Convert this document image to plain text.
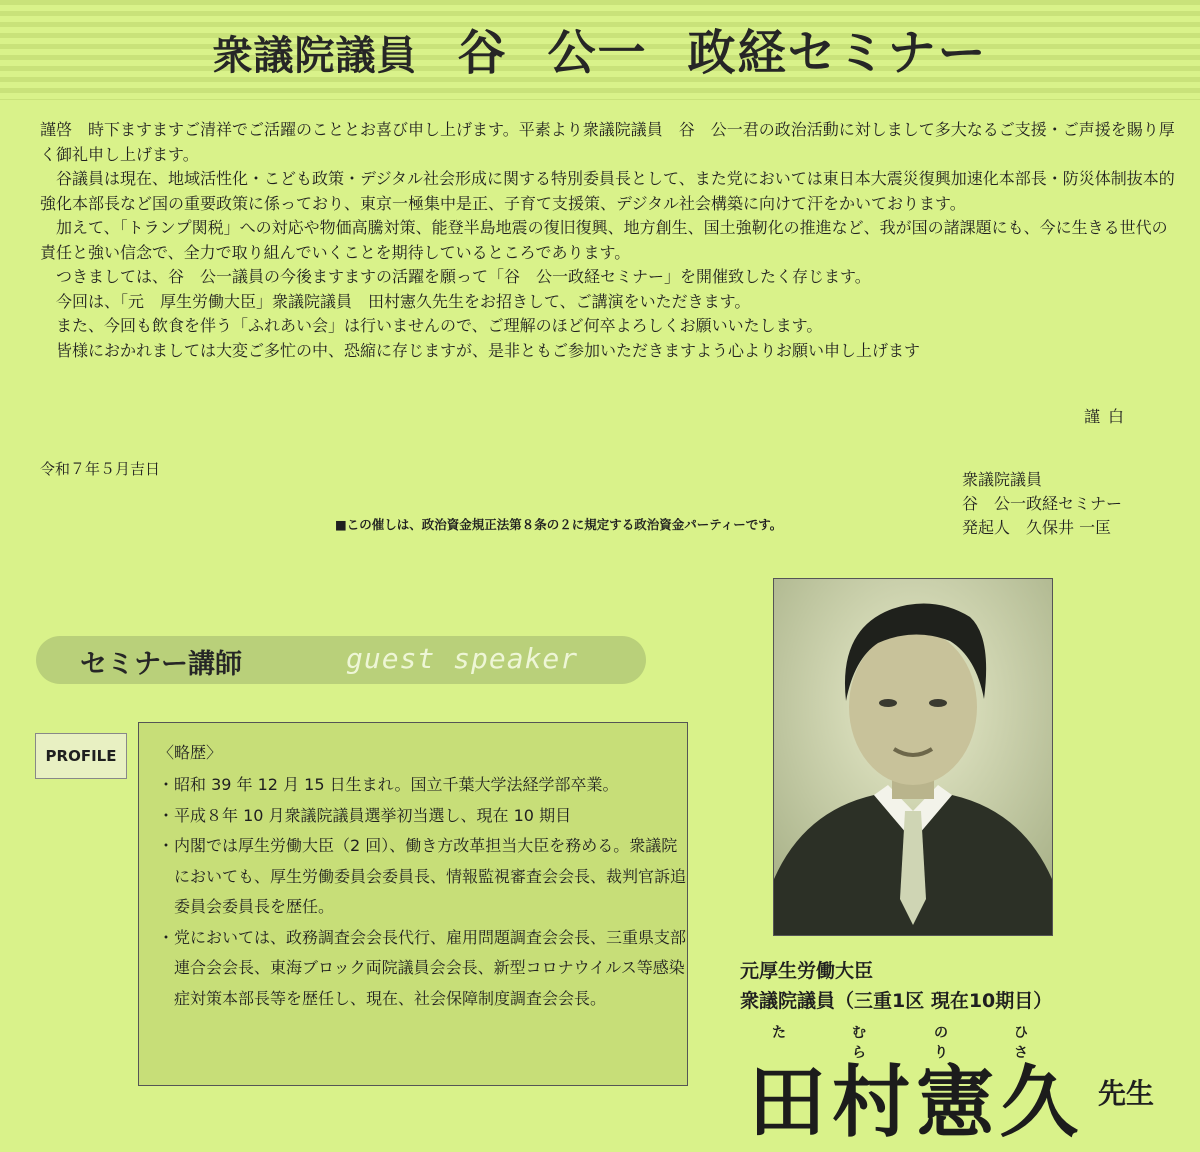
衆議院議員 谷 公一 政経セミナー

謹啓　時下ますますご清祥でご活躍のこととお喜び申し上げます。平素より衆議院議員　谷　公一君の政治活動に対しまして多大なるご支援・ご声援を賜り厚く御礼申し上げます。

谷議員は現在、地域活性化・こども政策・デジタル社会形成に関する特別委員長として、また党においては東日本大震災復興加速化本部長・防災体制抜本的強化本部長など国の重要政策に係っており、東京一極集中是正、子育て支援策、デジタル社会構築に向けて汗をかいております。

加えて、「トランプ関税」への対応や物価高騰対策、能登半島地震の復旧復興、地方創生、国土強靭化の推進など、我が国の諸課題にも、今に生きる世代の責任と強い信念で、全力で取り組んでいくことを期待しているところであります。

つきましては、谷　公一議員の今後ますますの活躍を願って「谷　公一政経セミナー」を開催致したく存じます。

今回は、「元　厚生労働大臣」衆議院議員　田村憲久先生をお招きして、ご講演をいただきます。

また、今回も飲食を伴う「ふれあい会」は行いませんので、ご理解のほど何卒よろしくお願いいたします。

皆様におかれましては大変ご多忙の中、恐縮に存じますが、是非ともご参加いただきますよう心よりお願い申し上げます

謹白
令和７年５月吉日
衆議院議員
谷　公一政経セミナー
発起人　久保井 一匡
■この催しは、政治資金規正法第８条の２に規定する政治資金パーティーです。
セミナー講師	guest speaker
PROFILE	〈略歴〉
・昭和 39 年 12 月 15 日生まれ。国立千葉大学法経学部卒業。
・平成８年 10 月衆議院議員選挙初当選し、現在 10 期目
・内閣では厚生労働大臣（2 回）、働き方改革担当大臣を務める。衆議院においても、厚生労働委員会委員長、情報監視審査会会長、裁判官訴追委員会委員長を歴任。
・党においては、政務調査会会長代行、雇用問題調査会会長、三重県支部連合会会長、東海ブロック両院議員会会長、新型コロナウイルス等感染症対策本部長等を歴任し、現在、社会保障制度調査会会長。
元厚生労働大臣
衆議院議員（三重1区 現在10期目）
た	むら
のり
ひさ
田 村 憲 久 先生
